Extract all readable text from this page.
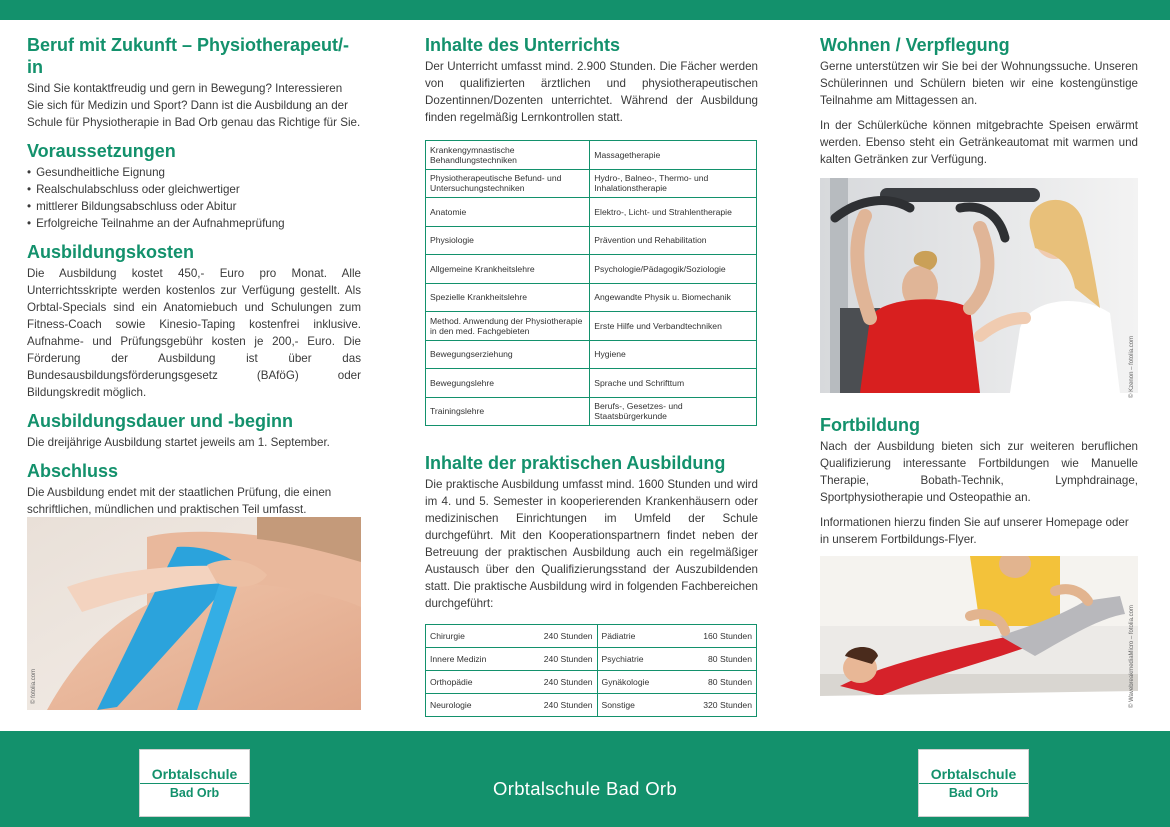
Beruf mit Zukunft – Physiotherapeut/-in

Sind Sie kontaktfreudig und gern in Bewegung? Interessieren Sie sich für Medizin und Sport? Dann ist die Ausbildung an der Schule für Physiotherapie in Bad Orb genau das Richtige für Sie.

Voraussetzungen
• Gesundheitliche Eignung
• Realschulabschluss oder gleichwertiger
• mittlerer Bildungsabschluss oder Abitur
• Erfolgreiche Teilnahme an der Aufnahmeprüfung
Ausbildungskosten

Die Ausbildung kostet 450,- Euro pro Monat. Alle Unterrichtsskripte werden kostenlos zur Verfügung gestellt. Als Orbtal-Specials sind ein Anatomiebuch und Schulungen zum Fitness-Coach sowie Kinesio-Taping kostenfrei inklusive. Aufnahme- und Prüfungsgebühr kosten je 200,- Euro. Die Förderung der Ausbildung ist über das Bundesausbildungsförderungsgesetz (BAföG) oder Bildungskredit möglich.

Ausbildungsdauer und -beginn

Die dreijährige Ausbildung startet jeweils am 1. September.

Abschluss

Die Ausbildung endet mit der staatlichen Prüfung, die einen schriftlichen, mündlichen und praktischen Teil umfasst.

© fotolia.com
Inhalte des Unterrichts

Der Unterricht umfasst mind. 2.900 Stunden. Die Fächer werden von qualifizierten ärztlichen und physiotherapeutischen Dozentinnen/Dozenten unterrichtet. Während der Ausbildung finden regelmäßig Lernkontrollen statt.

Krankengymnastische Behandlungstechniken	Massagetherapie
Physiotherapeutische Befund- und Untersuchungstechniken	Hydro-, Balneo-, Thermo- und Inhalationstherapie
Anatomie	Elektro-, Licht- und Strahlentherapie
Physiologie	Prävention und Rehabilitation
Allgemeine Krankheitslehre	Psychologie/Pädagogik/Soziologie
Spezielle Krankheitslehre	Angewandte Physik u. Biomechanik
Method. Anwendung der Physiotherapie in den med. Fachgebieten	Erste Hilfe und Verbandtechniken
Bewegungserziehung	Hygiene
Bewegungslehre	Sprache und Schrifttum
Trainingslehre	Berufs-, Gesetzes- und Staatsbürgerkunde
Inhalte der praktischen Ausbildung

Die praktische Ausbildung umfasst mind. 1600 Stunden und wird im 4. und 5. Semester in kooperierenden Krankenhäusern oder medizinischen Einrichtungen im Umfeld der Schule durchgeführt. Mit den Kooperationspartnern findet neben der Betreuung der praktischen Ausbildung auch ein regelmäßiger Austausch über den Qualifizierungsstand der Auszubildenden statt. Die praktische Ausbildung wird in folgenden Fachbereichen durchgeführt:

Chirurgie	240 Stunden	Pädiatrie	160 Stunden
Innere Medizin	240 Stunden	Psychiatrie	80 Stunden
Orthopädie	240 Stunden	Gynäkologie	80 Stunden
Neurologie	240 Stunden	Sonstige	320 Stunden
Wohnen / Verpflegung

Gerne unterstützen wir Sie bei der Wohnungssuche. Unseren Schülerinnen und Schülern bieten wir eine kostengünstige Teilnahme am Mittagessen an.

In der Schülerküche können mitgebrachte Speisen erwärmt werden. Ebenso steht ein Getränkeautomat mit warmen und kalten Getränken zur Verfügung.

© Kzenon – fotolia.com
Fortbildung

Nach der Ausbildung bieten sich zur weiteren beruflichen Qualifizierung interessante Fortbildungen wie Manuelle Therapie, Bobath-Technik, Lymphdrainage, Sportphysiotherapie und Osteopathie an.

Informationen hierzu finden Sie auf unserer Homepage oder in unserem Fortbildungs-Flyer.

© WavebreakmediaMicro – fotolia.com
Orbtalschule Bad Orb
Orbtalschule
Bad Orb
Orbtalschule
Bad Orb
